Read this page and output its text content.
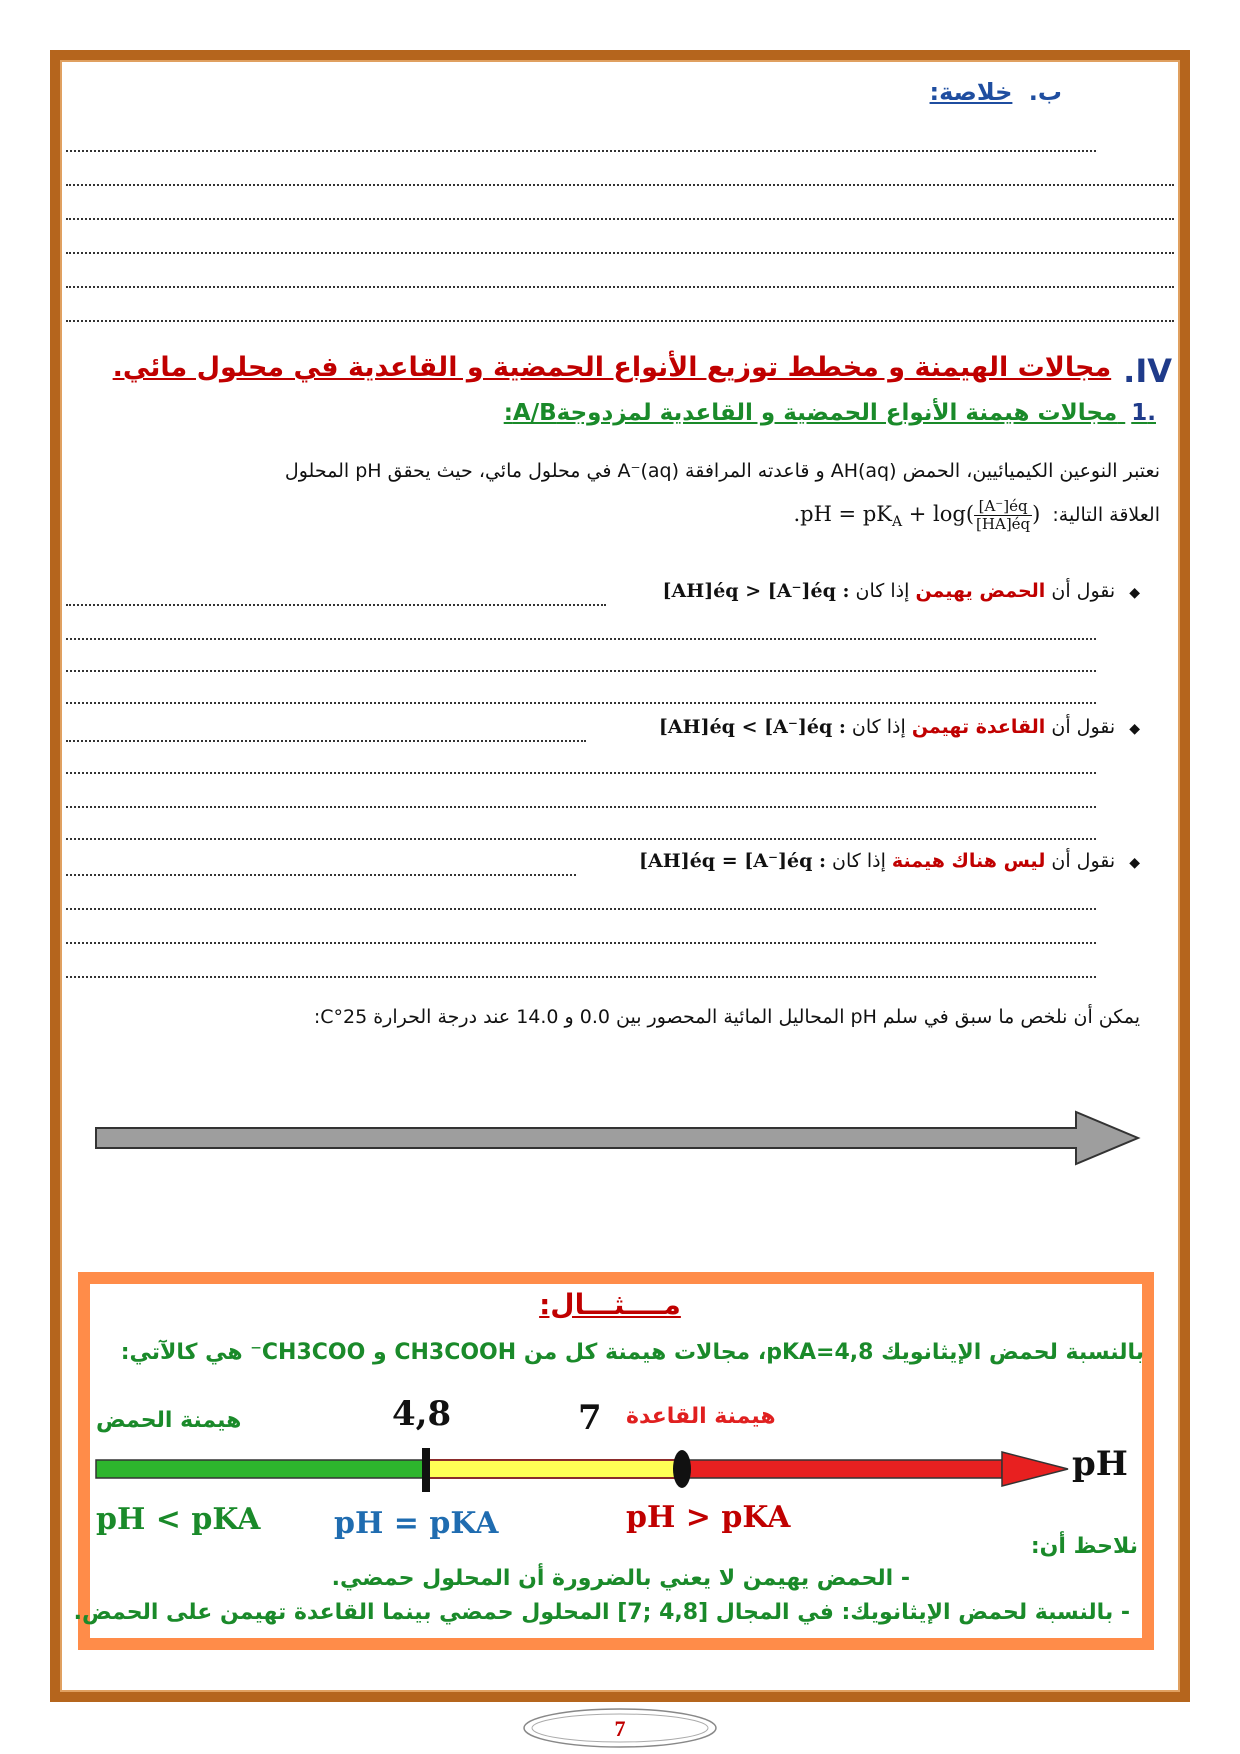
ب. خلاصة:
IV.
مجالات الهيمنة و مخطط توزيع الأنواع الحمضية و القاعدية في محلول مائي.
.1 مجالات هيمنة الأنواع الحمضية و القاعدية لمزدوجةA/B:
نعتبر النوعين الكيميائيين، الحمض AH(aq) و قاعدته المرافقة A⁻(aq) في محلول مائي، حيث يحقق pH المحلول
العلاقة التالية: $.pH = pK_A + \log( \frac{[A^-]éq}{[HA]éq}$ )
◆ نقول أن الحمض يهيمن إذا كان [AH]éq > [A⁻]éq :
◆ نقول أن القاعدة تهيمن إذا كان [AH]éq < [A⁻]éq :
◆ نقول أن ليس هناك هيمنة إذا كان [AH]éq = [A⁻]éq :
يمكن أن نلخص ما سبق في سلم pH المحاليل المائية المحصور بين 0.0 و 14.0 عند درجة الحرارة 25°C:
مــــثـــال:
بالنسبة لحمض الإيثانويك pKA=4,8، مجالات هيمنة كل من CH3COOH و CH3COO⁻ هي كالآتي:
هيمنة الحمض	هيمنة القاعدة
4,8	7
pH
pH < pKA pH = pKA	pH > pKA
نلاحظ أن:
- الحمض يهيمن لا يعني بالضرورة أن المحلول حمضي.
- بالنسبة لحمض الإيثانويك: في المجال [4,8 ;7] المحلول حمضي بينما القاعدة تهيمن على الحمض.
7
